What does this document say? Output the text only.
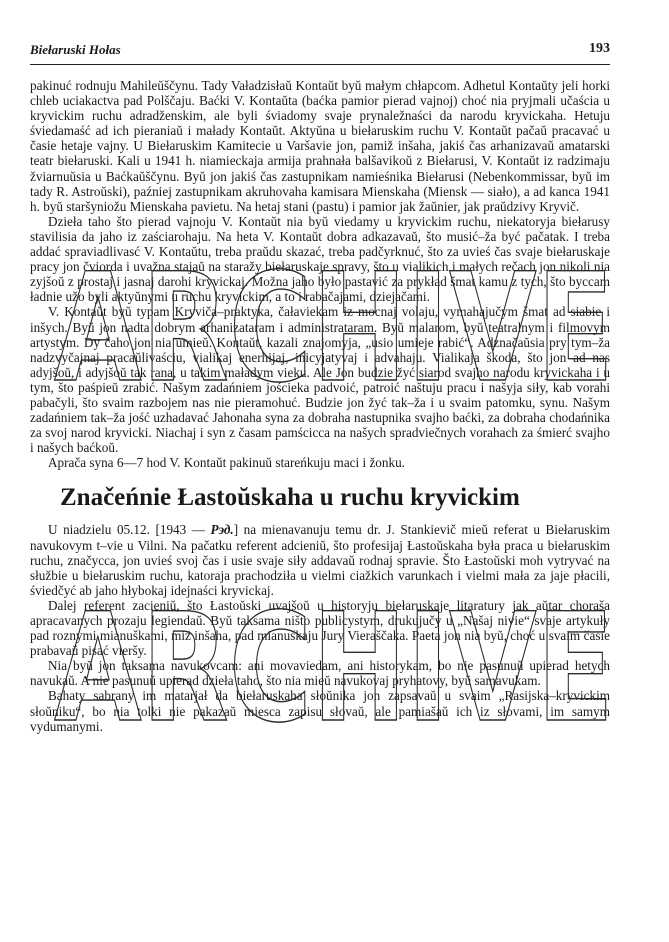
Biełaruski Hołas	193

pakinuć rodnuju Mahileŭščynu. Tady Vaładzisłaŭ Kontaŭt byŭ małym chłapcom. Adhetul Kontaŭty jeli horki chleb uciakactva pad Polščaju. Baćki V. Kontaŭta (baćka pamior pierad vajnoj) choć nia pryjmali učaścia u kryvickim ruchu adradženskim, ale byli śviadomy svaje prynaležnaści da narodu kryvickaha. Hetuju śviedamaść ad ich pieraniaŭ i małady Kontaŭt. Aktyŭna u biełaruskim ruchu V. Kontaŭt pačaŭ pracavać u časie hetaje vajny. U Biełaruskim Kamitecie u Varšavie jon, pamiž inšaha, jakiś čas arhanizavaŭ amatarski teatr biełaruski. Kali u 1941 h. niamieckaja armija prahnała balšavikoŭ z Biełarusi, V. Kontaŭt iz radzimaju žviarnuŭsia u Baćkaŭščynu. Byŭ jon jakiś čas zastupnikam namieśnika Biełarusi (Nebenkommissar, byŭ im tady R. Astroŭski), paźniej zastupnikam akruhovaha kamisara Mienskaha (Miensk — siało), a ad kanca 1941 h. byŭ staršyniožu Mienskaha pavietu. Na hetaj stani (pastu) i pamior jak žaŭnier, jak praŭdzivy Kryvič.

Dzieła taho što pierad vajnoju V. Kontaŭt nia byŭ viedamy u kryvickim ruchu, niekatoryja biełarusy stavilisia da jaho iz zaściarohaju. Na heta V. Kontaŭt dobra adkazavaŭ, što musić–ža być pačatak. I treba addać spraviadlivasć V. Kontaŭtu, treba praŭdu skazać, treba padčyrknuć, što za uvieś čas svaje biełaruskaje pracy jon čviorda i uvažna stajaŭ na staražy biełaruskaje spravy, što u vialikich i małych rečach jon nikoli nia zyjšoŭ z prostaj i jasnaj darohi kryvickaj. Možna jaho było pastavić za prykład šmat kamu z tych, što byccam ładnie užo byli aktyŭnymi u ruchu kryvickim, a to i rabačajami, dziejačami.

V. Kontaŭt byŭ typam Kryviča–praktyka, čałaviekam iz mocnaj volaju, vymahajučym šmat ad siabie i inšych. Byŭ jon nadta dobrym arhanizataram i administrataram. Byŭ malarom, byŭ teatralnym i filmovym artystym. Dy čaho jon nia umieŭ. Kontaŭt, kazali znajomyja, „usio umieje rabić“. Adznačaŭsia pry tym–ža nadzvyčajnaj pracaŭlivaściu, vialikaj enerhijaj, inicyjatyvaj i advahaju. Vialikaja škoda, što jon ad nas adyjšoŭ, i adyjšoŭ tak rana, u takim maładym vieku. Ale Jon budzie žyć siarod svajho narodu kryvickaha i u tym, što paśpieŭ zrabić. Našym zadańniem jościeka padvoić, patroić naštuju pracu i našyja siły, kab vorahi pabačyli, što svaim razbojem nas nie pieramohuć. Budzie jon žyć tak–ža i u svaim patomku, synu. Našym zadańniem tak–ža jość uzhadavać Jahonaha syna za dobraha nastupnika svajho baćki, za dobraha chodańnika za svoj narod kryvicki. Niachaj i syn z časam pamścicca na našych spradviečnych vorahach za śmierć svajho i našych baćkoŭ.

Aprača syna 6—7 hod V. Kontaŭt pakinuŭ stareńkuju maci i žonku.

Značeńnie Łastoŭskaha u ruchu kryvickim

U niadzielu 05.12. [1943 — Рэд.] na mienavanuju temu dr. J. Stankievič mieŭ referat u Biełaruskim navukovym t–vie u Vilni. Na pačatku referent adcieniŭ, što profesijaj Łastoŭskaha była praca u biełaruskim ruchu, značycca, jon uvieś svoj čas i usie svaje siły addavaŭ rodnaj spravie. Što Łastoŭski moh vytryvać na słužbie u biełaruskim ruchu, katoraja prachodziła u vielmi ciažkich varunkach i vielmi mała za jaje płacili, śviedčyć ab jaho hłybokaj idejnaści kryvickaj.

Dalej referent zacieniŭ, što Łastoŭski uvajšoŭ u historyju biełaruskaje litaratury jak aŭtar choraša apracavanych prozaju legiendaŭ. Byŭ taksama ništo publicystym, drukujučy u „Našaj nivie“ svaje artykuły pad roznymi mianuškami, miž inšaha, pad mianuškaju Jury Vieraščaka. Paeta jon nia byŭ, choć u svaim časie prabavaŭ pisać vieršy.

Nia byŭ jon taksama navukovcam: ani movaviedam, ani historykam, bo nie pasunuŭ upierad hetych navukaŭ. A nie pasunuŭ upierad dzieła taho, što nia mieŭ navukovaj pryhatovy, byŭ samavukam.

Bahaty sabrany im matarjał da biełaruskaha słoŭnika jon zapsavaŭ u svaim „Rasijska–kryvickim słoŭniku“, bo nia tolki nie pakazaŭ miesca zapisu słovaŭ, ale pamiašaŭ ich iz słovami, im samym vydumanymi.

ARCHIVE
ARCHIVE
